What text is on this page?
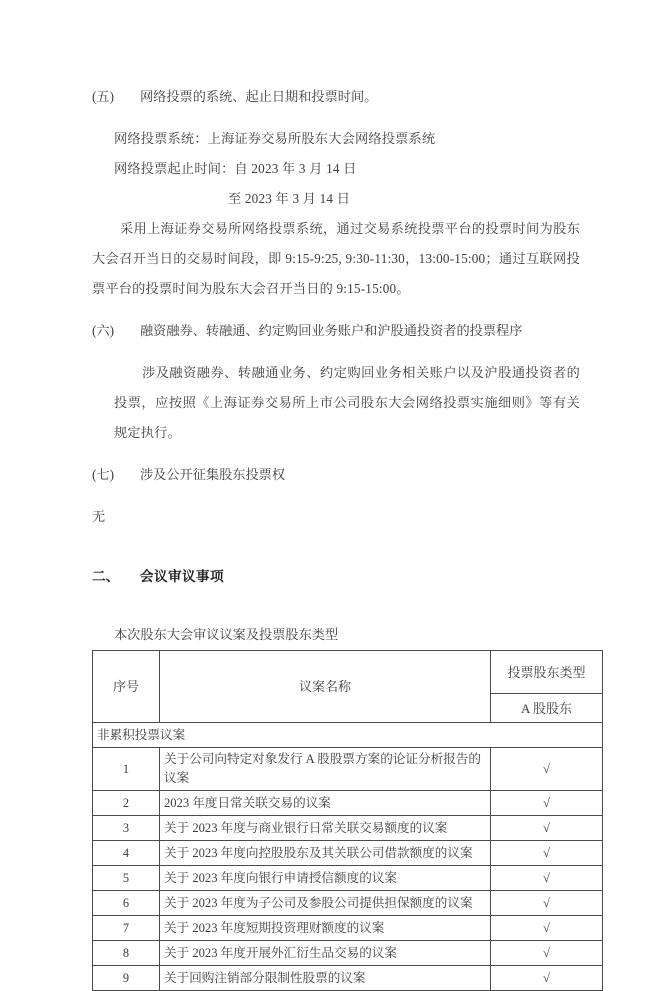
(五)	网络投票的系统、起止日期和投票时间。
网络投票系统：上海证券交易所股东大会网络投票系统
网络投票起止时间：自 2023 年 3 月 14 日
至 2023 年 3 月 14 日
采用上海证券交易所网络投票系统，通过交易系统投票平台的投票时间为股东大会召开当日的交易时间段，即 9:15-9:25, 9:30-11:30，13:00-15:00；通过互联网投票平台的投票时间为股东大会召开当日的 9:15-15:00。
(六)	融资融券、转融通、约定购回业务账户和沪股通投资者的投票程序
涉及融资融券、转融通业务、约定购回业务相关账户以及沪股通投资者的投票，应按照《上海证券交易所上市公司股东大会网络投票实施细则》等有关规定执行。
(七)	涉及公开征集股东投票权
无
二、	会议审议事项
本次股东大会审议议案及投票股东类型
序号	议案名称	投票股东类型
		A 股股东
非累积投票议案		
1	关于公司向特定对象发行 A 股股票方案的论证分析报告的议案	√
2	2023 年度日常关联交易的议案	√
3	关于 2023 年度与商业银行日常关联交易额度的议案	√
4	关于 2023 年度向控股股东及其关联公司借款额度的议案	√
5	关于 2023 年度向银行申请授信额度的议案	√
6	关于 2023 年度为子公司及参股公司提供担保额度的议案	√
7	关于 2023 年度短期投资理财额度的议案	√
8	关于 2023 年度开展外汇衍生品交易的议案	√
9	关于回购注销部分限制性股票的议案	√
